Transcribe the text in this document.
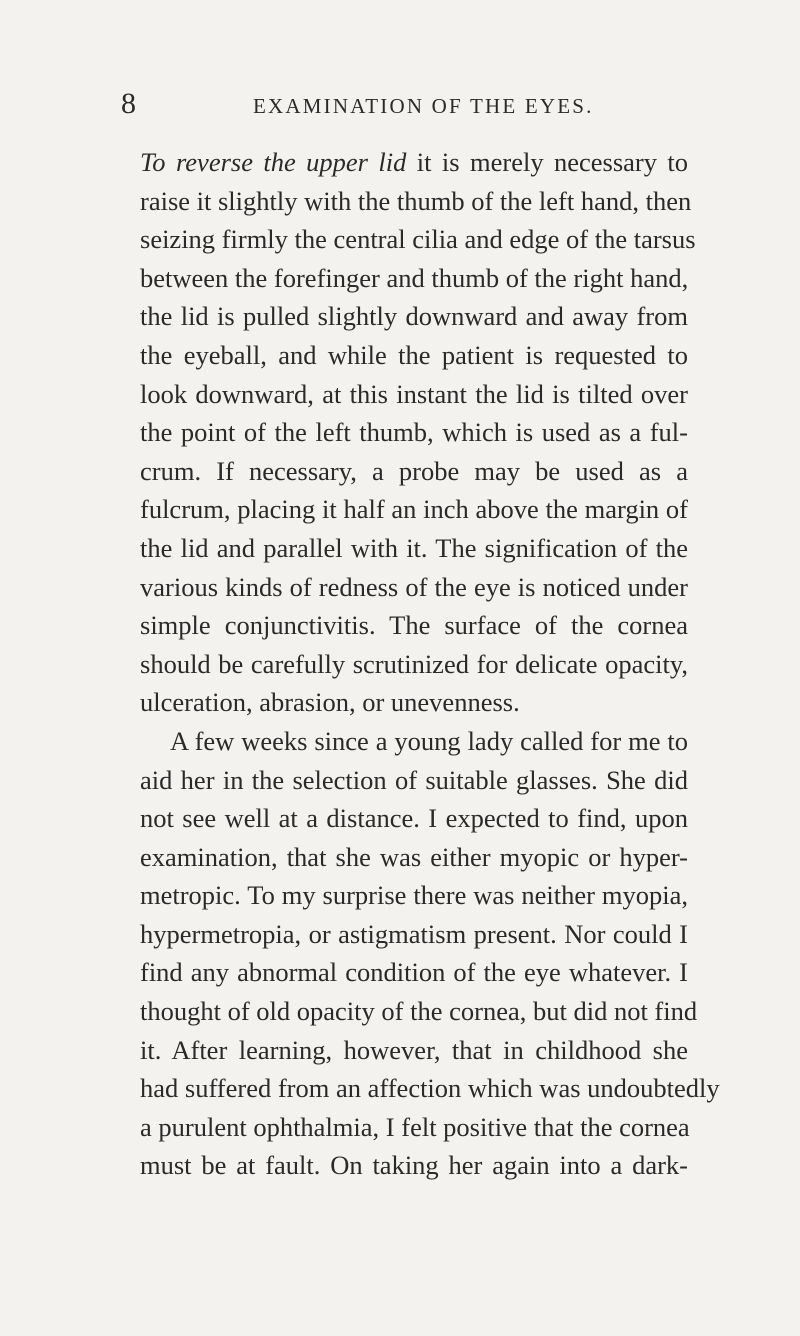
8	EXAMINATION OF THE EYES.
To reverse the upper lid it is merely necessary to
raise it slightly with the thumb of the left hand, then
seizing firmly the central cilia and edge of the tarsus
between the forefinger and thumb of the right hand,
the lid is pulled slightly downward and away from
the eyeball, and while the patient is requested to
look downward, at this instant the lid is tilted over
the point of the left thumb, which is used as a ful-
crum. If necessary, a probe may be used as a
fulcrum, placing it half an inch above the margin of
the lid and parallel with it. The signification of the
various kinds of redness of the eye is noticed under
simple conjunctivitis. The surface of the cornea
should be carefully scrutinized for delicate opacity,
ulceration, abrasion, or unevenness.
A few weeks since a young lady called for me to
aid her in the selection of suitable glasses. She did
not see well at a distance. I expected to find, upon
examination, that she was either myopic or hyper-
metropic. To my surprise there was neither myopia,
hypermetropia, or astigmatism present. Nor could I
find any abnormal condition of the eye whatever. I
thought of old opacity of the cornea, but did not find
it. After learning, however, that in childhood she
had suffered from an affection which was undoubtedly
a purulent ophthalmia, I felt positive that the cornea
must be at fault. On taking her again into a dark-
